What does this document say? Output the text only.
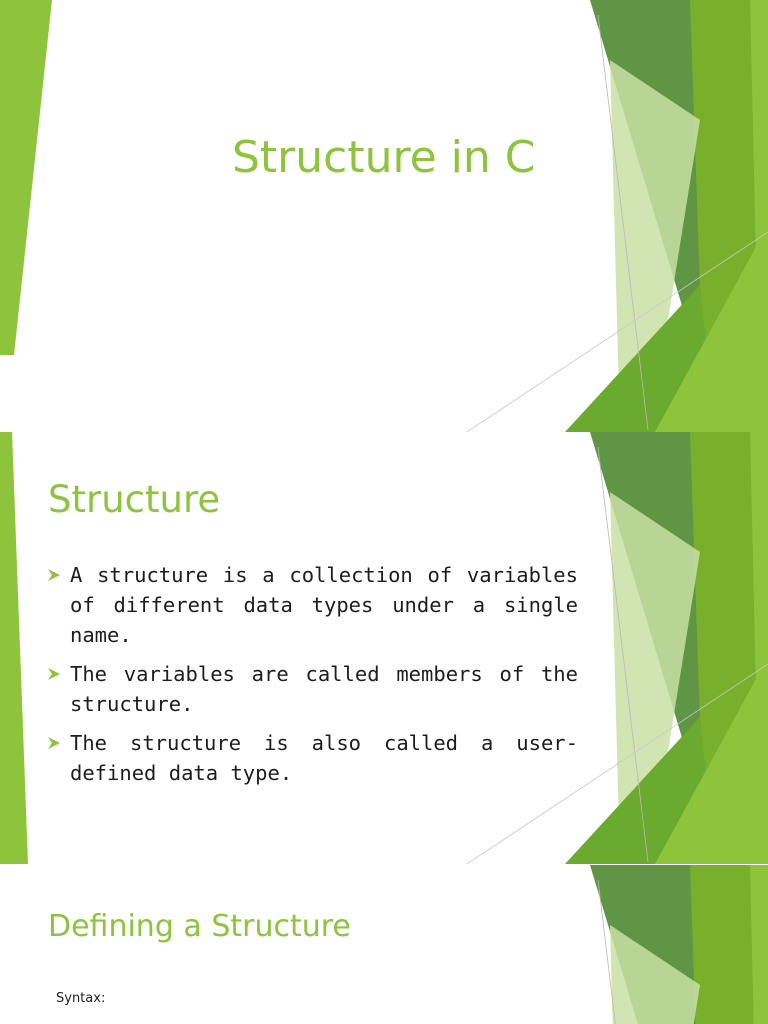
Structure in C
Structure
A structure is a collection of variables of different data types under a single name.
The variables are called members of the structure.
The structure is also called a user-defined data type.
Defining a Structure
Syntax:
